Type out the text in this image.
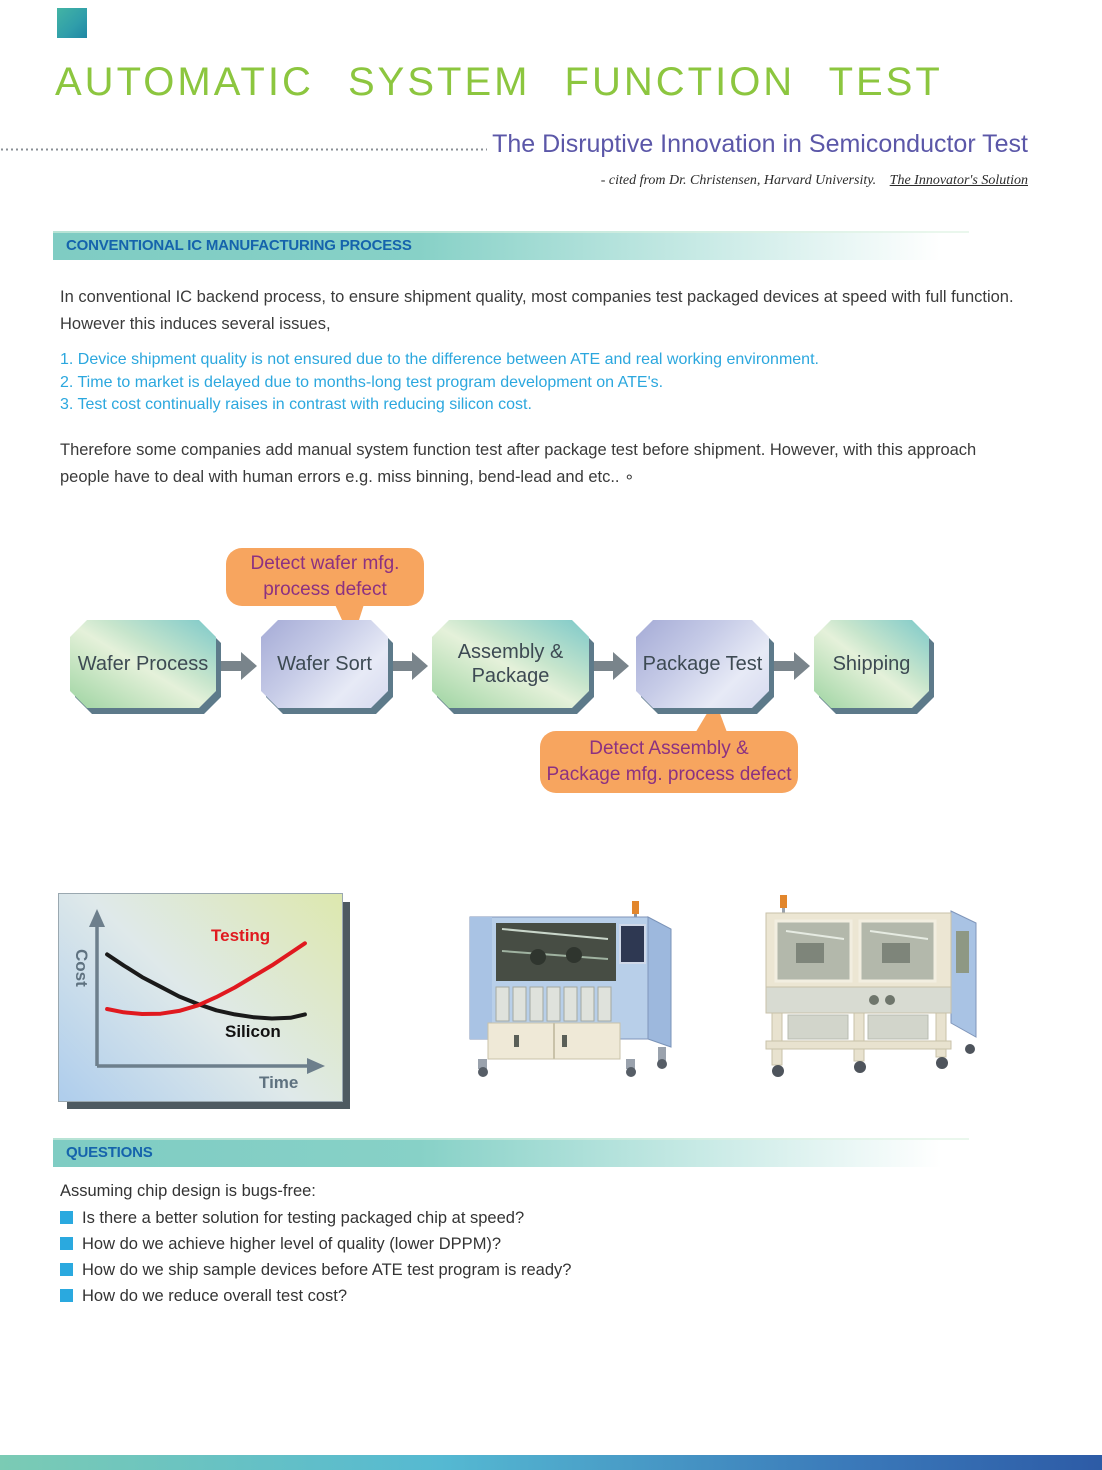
AUTOMATIC SYSTEM FUNCTION TEST
The Disruptive Innovation in Semiconductor Test
- cited from Dr. Christensen, Harvard University. The Innovator's Solution
CONVENTIONAL IC MANUFACTURING PROCESS
In conventional IC backend process, to ensure shipment quality, most companies test packaged devices at speed with full function.
However this induces several issues,
1. Device shipment quality is not ensured due to the difference between ATE and real working environment.
2. Time to market is delayed due to months-long test program development on ATE's.
3. Test cost continually raises in contrast with reducing silicon cost.
Therefore some companies add manual system function test after package test before shipment. However, with this approach
people have to deal with human errors e.g. miss binning, bend-lead and etc.. ∘
Wafer Process	Wafer Sort
Assembly & Package
Package Test	Shipping
Detect wafer mfg.
process defect
Detect Assembly &
Package mfg. process defect
Testing
Silicon
Cost
Time
QUESTIONS
Assuming chip design is bugs-free:
Is there a better solution for testing packaged chip at speed?
How do we achieve higher level of quality (lower DPPM)?
How do we ship sample devices before ATE test program is ready?
How do we reduce overall test cost?
